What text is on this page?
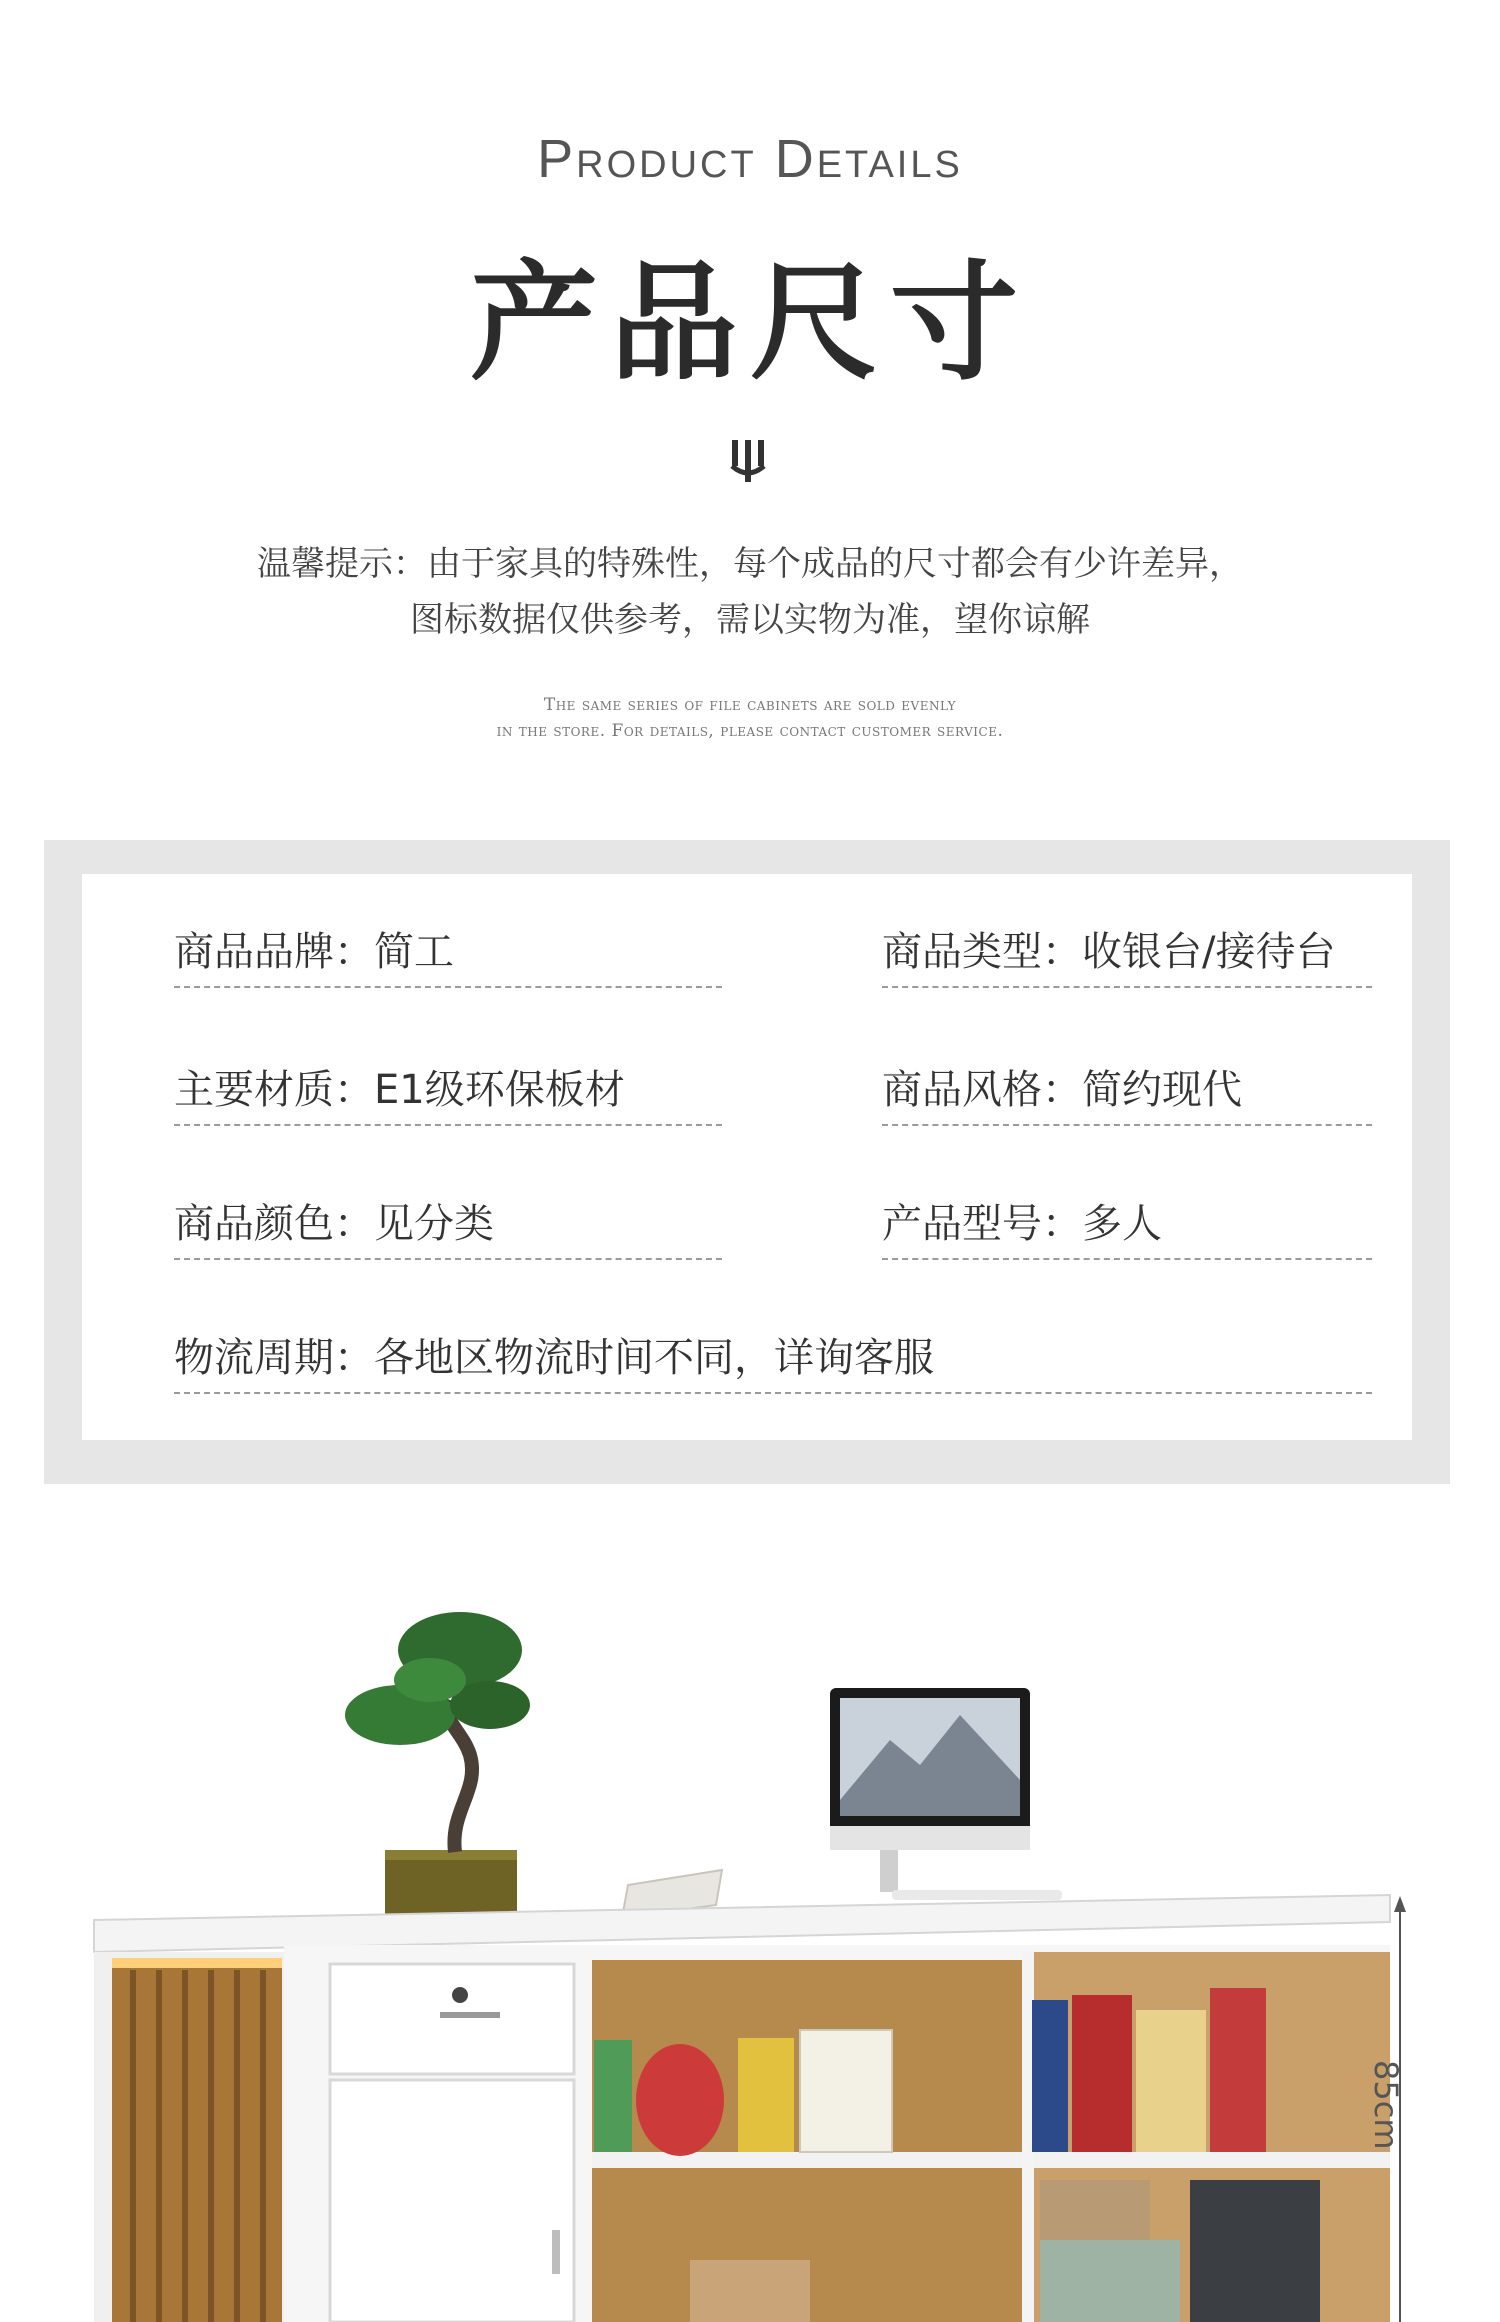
Product Details
产品尺寸
温馨提示：由于家具的特殊性，每个成品的尺寸都会有少许差异，
图标数据仅供参考，需以实物为准，望你谅解
The same series of file cabinets are sold evenly
in the store. For details, please contact customer service.
商品品牌：简工	商品类型：收银台/接待台
主要材质：E1级环保板材	商品风格：简约现代
商品颜色：见分类	产品型号：多人
物流周期：各地区物流时间不同，详询客服
85cm
